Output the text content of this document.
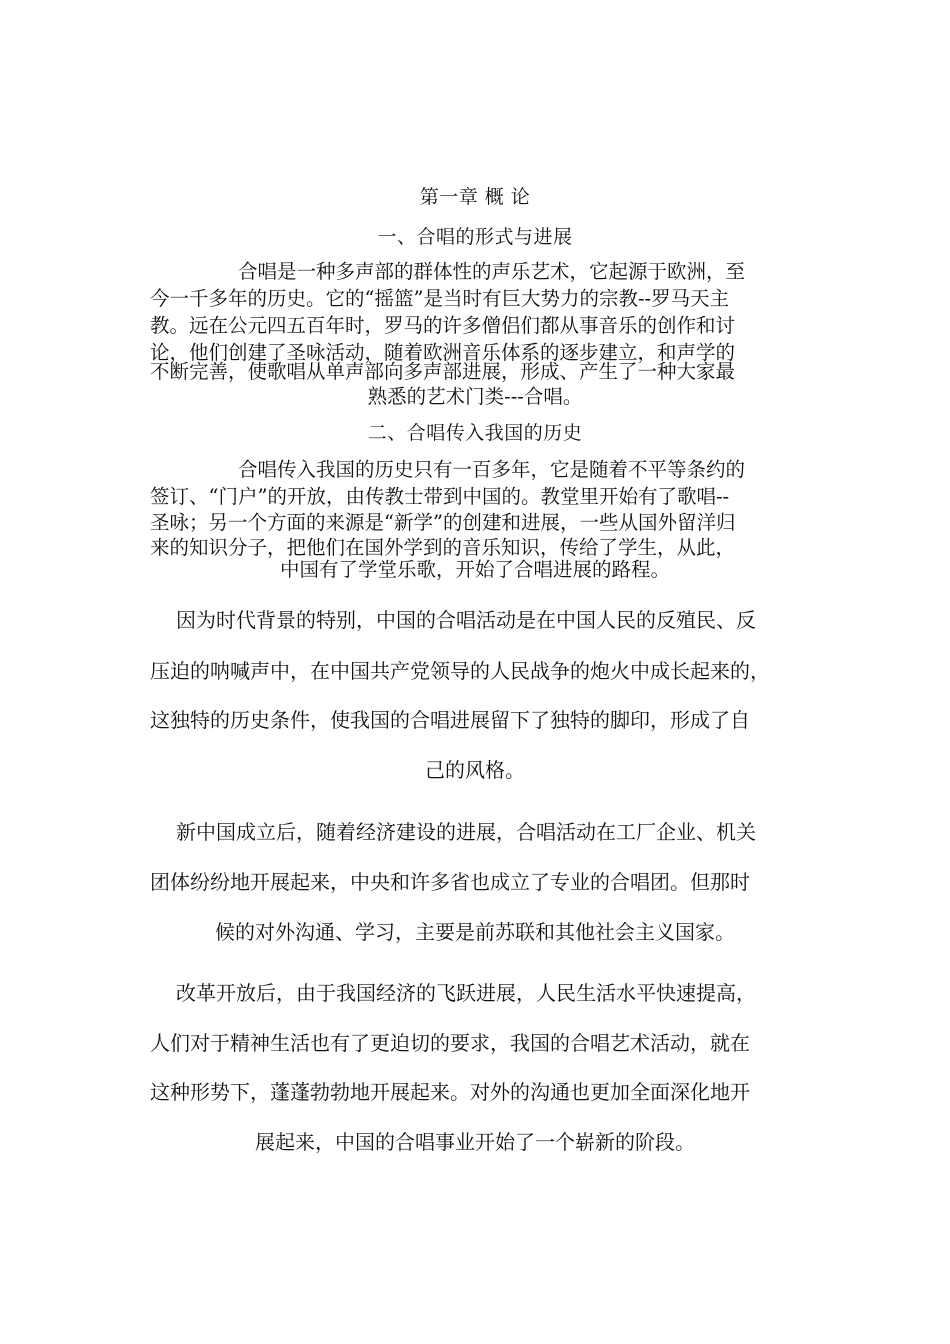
第一章 概 论
一、合唱的形式与进展

合唱是一种多声部的群体性的声乐艺术，它起源于欧洲，至

今一千多年的历史。它的“摇篮”是当时有巨大势力的宗教--罗马天主

教。远在公元四五百年时，罗马的许多僧侣们都从事音乐的创作和讨

论，他们创建了圣咏活动，随着欧洲音乐体系的逐步建立，和声学的

不断完善，使歌唱从单声部向多声部进展，形成、产生了一种大家最

熟悉的艺术门类---合唱。

二、合唱传入我国的历史

合唱传入我国的历史只有一百多年，它是随着不平等条约的

签订、“门户”的开放，由传教士带到中国的。教堂里开始有了歌唱--

圣咏；另一个方面的来源是“新学”的创建和进展，一些从国外留洋归

来的知识分子，把他们在国外学到的音乐知识，传给了学生，从此，

中国有了学堂乐歌，开始了合唱进展的路程。

因为时代背景的特别，中国的合唱活动是在中国人民的反殖民、反

压迫的呐喊声中，在中国共产党领导的人民战争的炮火中成长起来的，

这独特的历史条件，使我国的合唱进展留下了独特的脚印，形成了自

己的风格。

新中国成立后，随着经济建设的进展，合唱活动在工厂企业、机关

团体纷纷地开展起来，中央和许多省也成立了专业的合唱团。但那时

候的对外沟通、学习，主要是前苏联和其他社会主义国家。

改革开放后，由于我国经济的飞跃进展，人民生活水平快速提高，

人们对于精神生活也有了更迫切的要求，我国的合唱艺术活动，就在

这种形势下，蓬蓬勃勃地开展起来。对外的沟通也更加全面深化地开

展起来，中国的合唱事业开始了一个崭新的阶段。
